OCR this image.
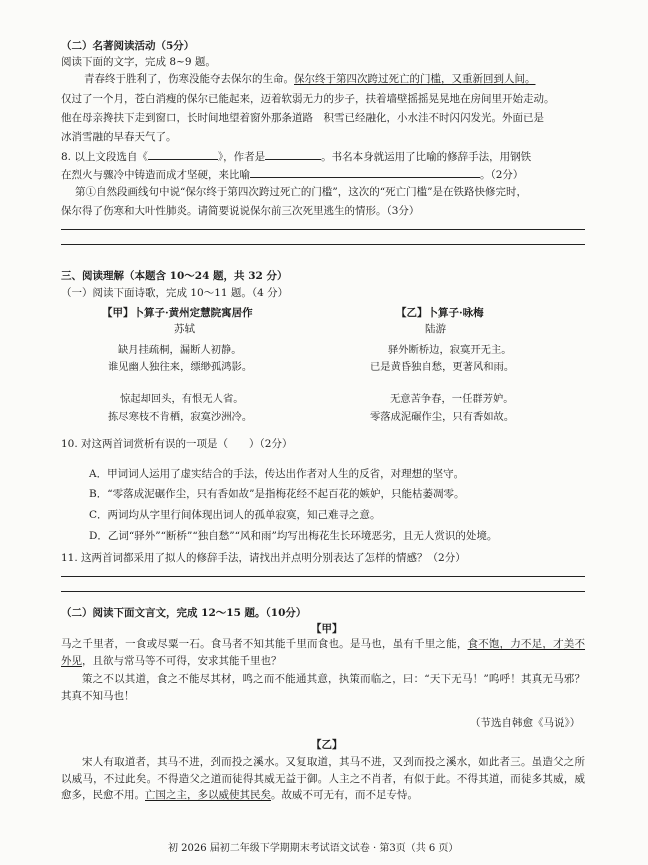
（二）名著阅读活动（5分）
阅读下面的文字，完成 8~9 题。
青春终于胜利了，伤寒没能夺去保尔的生命。保尔终于第四次跨过死亡的门槛，又重新回到人间。
仅过了一个月，苍白消瘦的保尔已能起来，迈着软弱无力的步子，扶着墙壁摇摇晃晃地在房间里开始走动。
他在母亲搀扶下走到窗口，长时间地望着窗外那条道路　积雪已经融化，小水洼不时闪闪发光。外面已是
冰消雪融的早春天气了。
8. 以上文段选自《	》，作者是	。书名本身就运用了比喻的修辞手法，用钢铁
在烈火与骤冷中铸造而成才坚硬，来比喻	。（2分）
第①自然段画线句中说“保尔终于第四次跨过死亡的门槛”，这次的“死亡门槛”是在铁路快修完时，
保尔得了伤寒和大叶性肺炎。请简要说说保尔前三次死里逃生的情形。（3分）
三、阅读理解（本题含 10～24 题，共 32 分）
（一）阅读下面诗歌，完成 10～11 题。（4 分）
【甲】卜算子·黄州定慧院寓居作
苏轼
缺月挂疏桐，漏断人初静。
谁见幽人独往来，缥缈孤鸿影。
惊起却回头，有恨无人省。
拣尽寒枝不肯栖，寂寞沙洲冷。
【乙】卜算子·咏梅
陆游
驿外断桥边，寂寞开无主。
已是黄昏独自愁，更著风和雨。
无意苦争春，一任群芳妒。
零落成泥碾作尘，只有香如故。
10. 对这两首词赏析有误的一项是（　　）（2分）
A．甲词词人运用了虚实结合的手法，传达出作者对人生的反省，对理想的坚守。
B．“零落成泥碾作尘，只有香如故”是指梅花经不起百花的嫉妒，只能枯萎凋零。
C．两词均从字里行间体现出词人的孤单寂寞，知己难寻之意。
D．乙词“驿外”“断桥”“独自愁”“风和雨”均写出梅花生长环境恶劣，且无人赏识的处境。
11. 这两首词都采用了拟人的修辞手法，请找出并点明分别表达了怎样的情感？（2分）
（二）阅读下面文言文，完成 12～15 题。（10分）
【甲】
马之千里者，一食或尽粟一石。食马者不知其能千里而食也。是马也，虽有千里之能，食不饱，力不足，才美不外见，且欲与常马等不可得，安求其能千里也？
策之不以其道，食之不能尽其材，鸣之而不能通其意，执策而临之，曰：“天下无马！”呜呼！其真无马邪？其真不知马也！
（节选自韩愈《马说》）
【乙】
宋人有取道者，其马不进，刭而投之溪水。又复取道，其马不进，又刭而投之溪水，如此者三。虽造父之所以威马，不过此矣。不得造父之道而徒得其威无益于御。人主之不肖者，有似于此。不得其道，而徒多其威，威愈多，民愈不用。亡国之主，多以威使其民矣。故威不可无有，而不足专恃。
初 2026 届初二年级下学期期末考试语文试卷 · 第3页（共 6 页）
